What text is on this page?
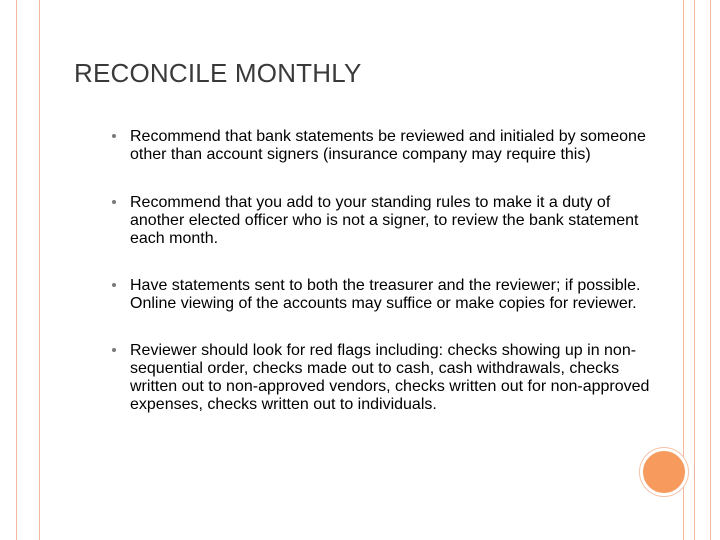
RECONCILE MONTHLY
Recommend that bank statements be reviewed and initialed by someone other than account signers (insurance company may require this)
Recommend that you add to your standing rules to make it a duty of another elected officer who is not a signer, to review the bank statement each month.
Have statements sent to both the treasurer and the reviewer; if possible. Online viewing of the accounts may suffice or make copies for reviewer.
Reviewer should look for red flags including: checks showing up in non-sequential order, checks made out to cash, cash withdrawals, checks written out to non-approved vendors, checks written out for non-approved expenses, checks written out to individuals.
